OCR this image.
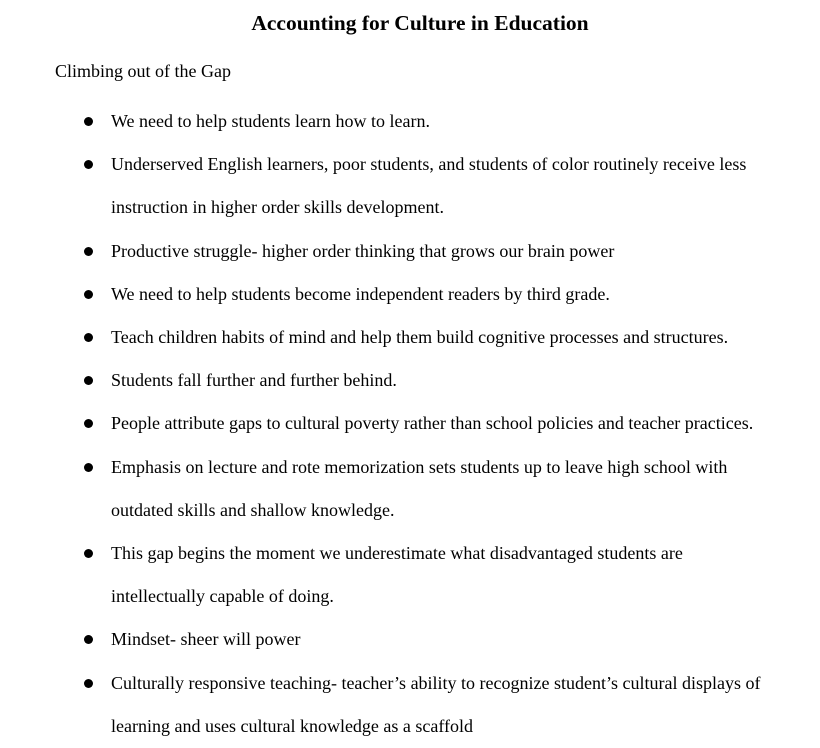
Accounting for Culture in Education

Climbing out of the Gap

We need to help students learn how to learn.
Underserved English learners, poor students, and students of color routinely receive less instruction in higher order skills development.
Productive struggle- higher order thinking that grows our brain power
We need to help students become independent readers by third grade.
Teach children habits of mind and help them build cognitive processes and structures.
Students fall further and further behind.
People attribute gaps to cultural poverty rather than school policies and teacher practices.
Emphasis on lecture and rote memorization sets students up to leave high school with outdated skills and shallow knowledge.
This gap begins the moment we underestimate what disadvantaged students are intellectually capable of doing.
Mindset- sheer will power
Culturally responsive teaching- teacher’s ability to recognize student’s cultural displays of learning and uses cultural knowledge as a scaffold
